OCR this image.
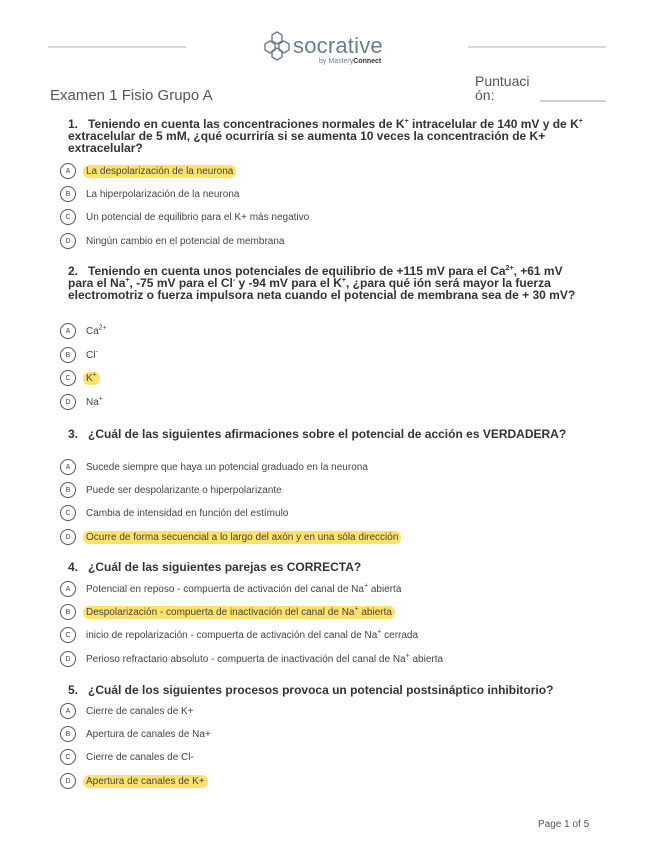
socrative
by MasteryConnect
Examen 1 Fisio Grupo A
Puntuaci
ón:
1. Teniendo en cuenta las concentraciones normales de K+ intracelular de 140 mV y de K+ extracelular de 5 mM, ¿qué ocurriría si se aumenta 10 veces la concentración de K+ extracelular?
A	La despolarización de la neurona
B	La hiperpolarización de la neurona
C	Un potencial de equilibrio para el K+ más negativo
D	Ningún cambio en el potencial de membrana
2. Teniendo en cuenta unos potenciales de equilibrio de +115 mV para el $Ca^{2+}$, +61 mV para el Na+, -75 mV para el Cl- y -94 mV para el K+, ¿para qué ión será mayor la fuerza electromotriz o fuerza impulsora neta cuando el potencial de membrana sea de + 30 mV?
A	$Ca^{2+}$
B	Cl-
C	K+
D	Na+
3. ¿Cuál de las siguientes afirmaciones sobre el potencial de acción es VERDADERA?
A	Sucede siempre que haya un potencial graduado en la neurona
B	Puede ser despolarizante o hiperpolarizante
C	Cambia de intensidad en función del estímulo
D	Ocurre de forma secuencial a lo largo del axón y en una sóla dirección
4. ¿Cuál de las siguientes parejas es CORRECTA?
A	Potencial en reposo - compuerta de activación del canal de Na+ abierta
B	Despolarización - compuerta de inactivación del canal de Na+ abierta
C	inicio de repolarización - compuerta de activación del canal de Na+ cerrada
D	Perioso refractario absoluto - compuerta de inactivación del canal de Na+ abierta
5. ¿Cuál de los siguientes procesos provoca un potencial postsináptico inhibitorio?
A	Cierre de canales de K+
B	Apertura de canales de Na+
C	Cierre de canales de Cl-
D	Apertura de canales de K+
Page 1 of 5
